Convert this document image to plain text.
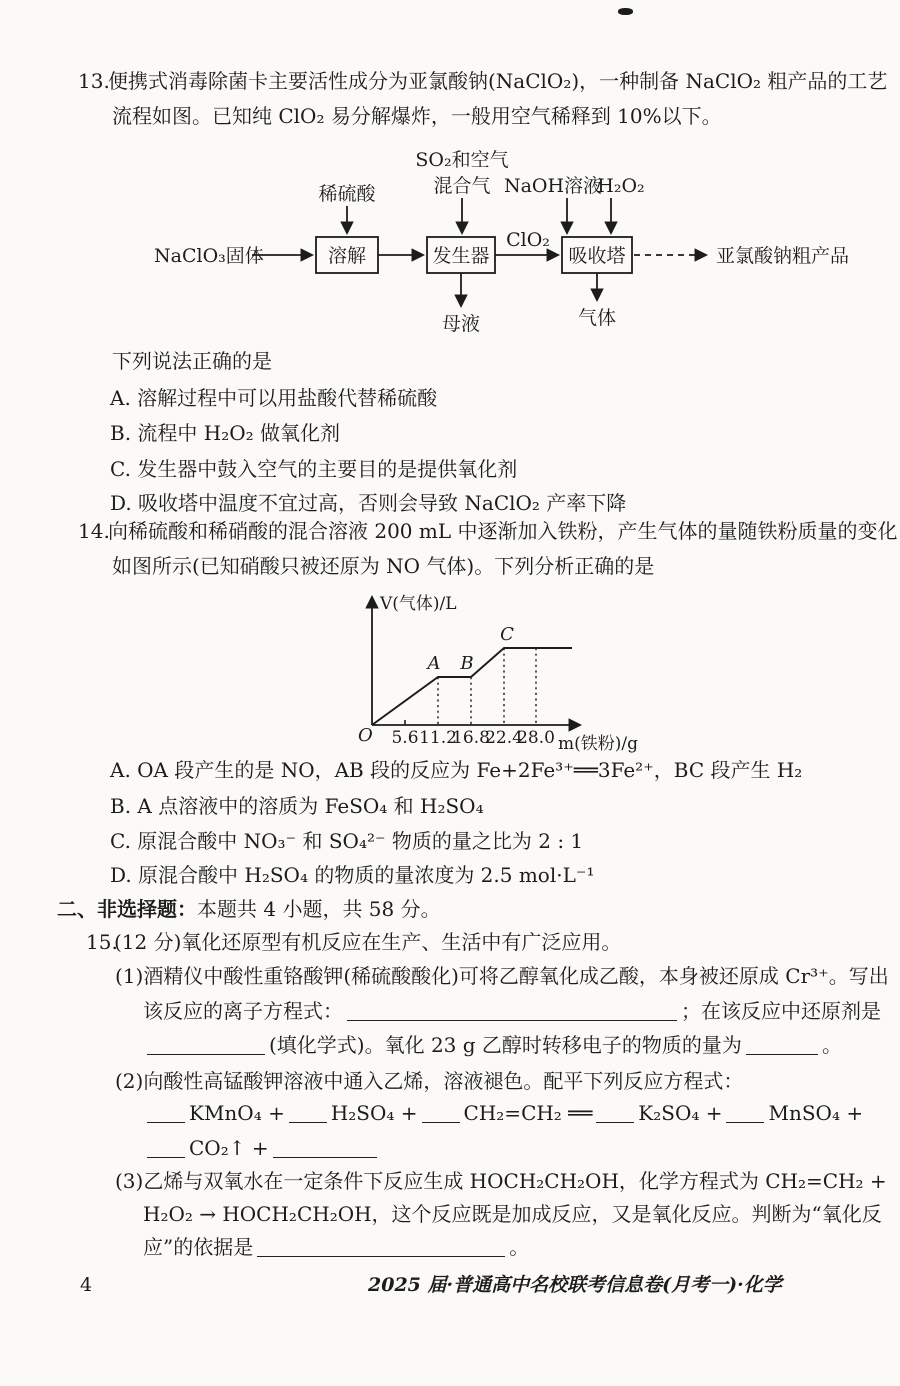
13.
便携式消毒除菌卡主要活性成分为亚氯酸钠(NaClO₂)，一种制备 NaClO₂ 粗产品的工艺
流程如图。已知纯 ClO₂ 易分解爆炸，一般用空气稀释到 10%以下。
NaClO₃固体
稀硫酸
SO₂和空气
混合气 NaOH溶液
H₂O₂
溶解	发生器	吸收塔
ClO₂
亚氯酸钠粗产品
母液	气体
下列说法正确的是
A. 溶解过程中可以用盐酸代替稀硫酸
B. 流程中 H₂O₂ 做氧化剂
C. 发生器中鼓入空气的主要目的是提供氧化剂
D. 吸收塔中温度不宜过高，否则会导致 NaClO₂ 产率下降
14.
向稀硫酸和稀硝酸的混合溶液 200 mL 中逐渐加入铁粉，产生气体的量随铁粉质量的变化
如图所示(已知硝酸只被还原为 NO 气体)。下列分析正确的是
V(气体)/L
m(铁粉)/g
O 5.6 11.2
16.8
22.4
28.0
A B
C
A. OA 段产生的是 NO，AB 段的反应为 Fe+2Fe³⁺══3Fe²⁺，BC 段产生 H₂
B. A 点溶液中的溶质为 FeSO₄ 和 H₂SO₄
C. 原混合酸中 NO₃⁻ 和 SO₄²⁻ 物质的量之比为 2 : 1
D. 原混合酸中 H₂SO₄ 的物质的量浓度为 2.5 mol·L⁻¹
二、非选择题：本题共 4 小题，共 58 分。
15.
(12 分)氧化还原型有机反应在生产、生活中有广泛应用。
(1)酒精仪中酸性重铬酸钾(稀硫酸酸化)可将乙醇氧化成乙酸，本身被还原成 Cr³⁺。写出
该反应的离子方程式：	；在该反应中还原剂是
(填化学式)。氧化 23 g 乙醇时转移电子的物质的量为	。
(2)向酸性高锰酸钾溶液中通入乙烯，溶液褪色。配平下列反应方程式：
KMnO₄ + H₂SO₄ + CH₂=CH₂ ══ K₂SO₄ + MnSO₄ +
CO₂↑ +
(3)乙烯与双氧水在一定条件下反应生成 HOCH₂CH₂OH，化学方程式为 CH₂=CH₂ +
H₂O₂ → HOCH₂CH₂OH，这个反应既是加成反应，又是氧化反应。判断为“氧化反
应”的依据是	。
4	2025 届·普通高中名校联考信息卷(月考一)·化学
